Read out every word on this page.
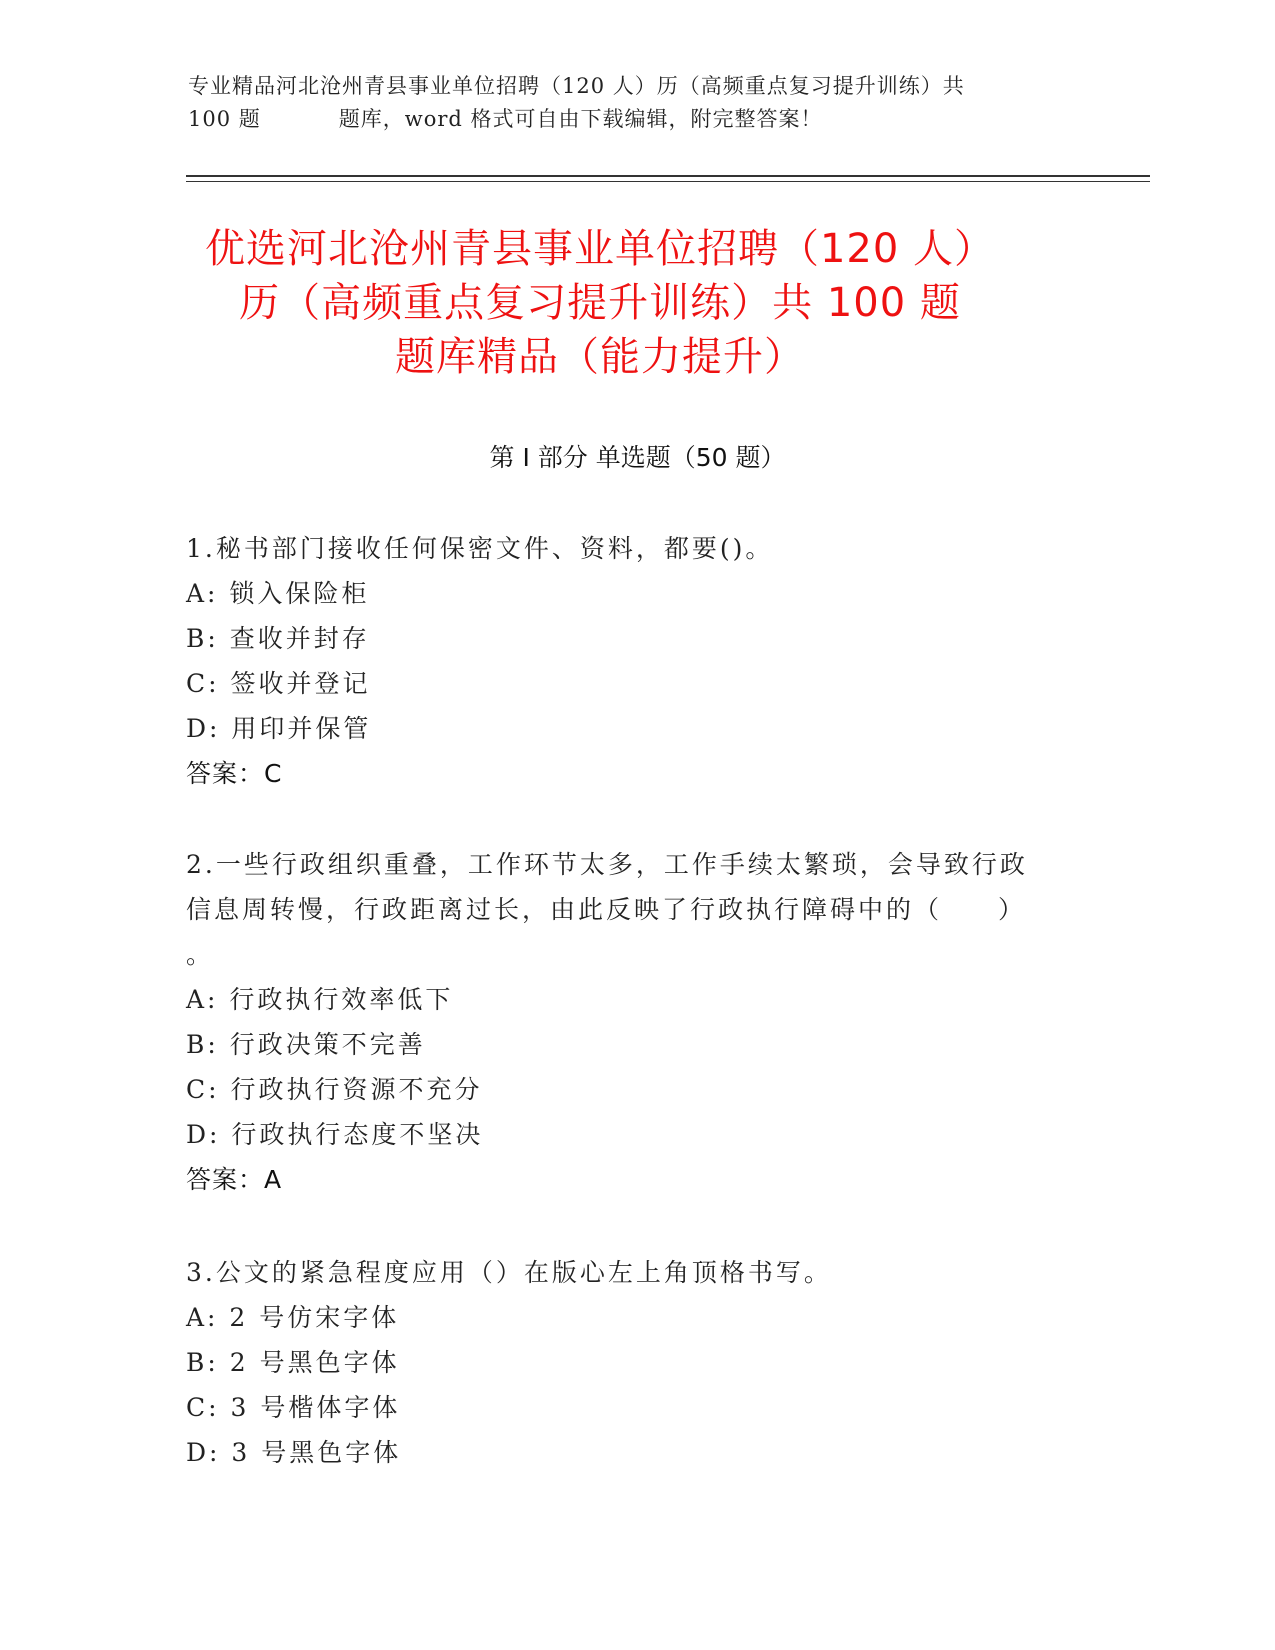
专业精品河北沧州青县事业单位招聘（120 人）历（高频重点复习提升训练）共
100 题	题库，word 格式可自由下载编辑，附完整答案！
优选河北沧州青县事业单位招聘（120 人）
历（高频重点复习提升训练）共 100 题
题库精品（能力提升）
第 I 部分 单选题（50 题）
1.秘书部门接收任何保密文件、资料，都要()。
A: 锁入保险柜
B: 查收并封存
C: 签收并登记
D: 用印并保管
答案：C
2.一些行政组织重叠，工作环节太多，工作手续太繁琐，会导致行政
信息周转慢，行政距离过长，由此反映了行政执行障碍中的（　　）
。
A: 行政执行效率低下
B: 行政决策不完善
C: 行政执行资源不充分
D: 行政执行态度不坚决
答案：A
3.公文的紧急程度应用（）在版心左上角顶格书写。
A: 2 号仿宋字体
B: 2 号黑色字体
C: 3 号楷体字体
D: 3 号黑色字体
